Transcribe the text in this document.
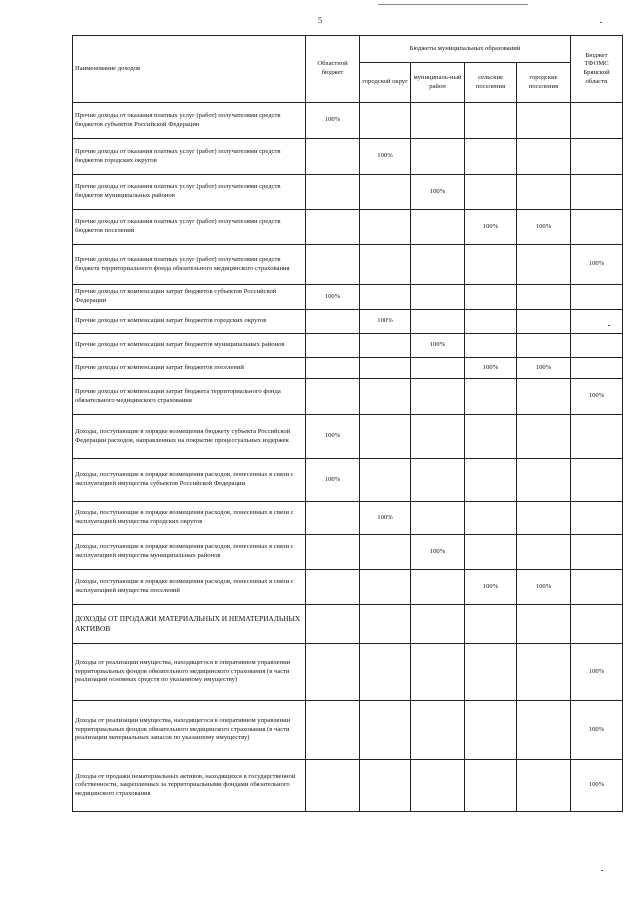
5
Наименование доходов	Областной бюджет	Бюджеты муниципальных образований				Бюджет ТФОМС Брянской области
		городской округ	муниципаль-ный район	сельские поселения	городские поселения	
Прочие доходы от оказания платных услуг (работ) получателями средств бюджетов субъектов Российской Федерации	100%					
Прочие доходы от оказания платных услуг (работ) получателями средств бюджетов городских округов		100%				
Прочие доходы от оказания платных услуг (работ) получателями средств бюджетов муниципальных районов			100%			
Прочие доходы от оказания платных услуг (работ) получателями средств бюджетов поселений				100%	100%	
Прочие доходы от оказания платных услуг (работ) получателями средств бюджета территориального фонда обязательного медицинского страхования						100%
Прочие доходы от компенсации затрат бюджетов субъектов Российской Федерации	100%					
Прочие доходы от компенсации затрат бюджетов городских округов		100%				
Прочие доходы от компенсации затрат бюджетов муниципальных районов			100%			
Прочие доходы от компенсации затрат бюджетов поселений				100%	100%	
Прочие доходы от компенсации затрат бюджета территориального фонда обязательного медицинского страхования						100%
Доходы, поступающие в порядке возмещения бюджету субъекта Российской Федерации расходов, направленных на покрытие процессуальных издержек	100%					
Доходы, поступающие в порядке возмещения расходов, понесенных в связи с эксплуатацией имущества субъектов Российской Федерации	100%					
Доходы, поступающие в порядке возмещения расходов, понесенных в связи с эксплуатацией имущества городских округов		100%				
Доходы, поступающие в порядке возмещения расходов, понесенных в связи с эксплуатацией имущества муниципальных районов			100%			
Доходы, поступающие в порядке возмещения расходов, понесенных в связи с эксплуатацией имущества поселений				100%	100%	
ДОХОДЫ ОТ ПРОДАЖИ МАТЕРИАЛЬНЫХ И НЕМАТЕРИАЛЬНЫХ АКТИВОВ						
Доходы от реализации имущества, находящегося в оперативном управлении территориальных фондов обязательного медицинского страхования (в части реализации основных средств по указанному имуществу)						100%
Доходы от реализации имущества, находящегося в оперативном управлении территориальных фондов обязательного медицинского страхования (в части реализации материальных запасов по указанному имуществу)						100%
Доходы от продажи нематериальных активов, находящихся в государственной собственности, закрепленных за территориальными фондами обязательного медицинского страхования						100%
